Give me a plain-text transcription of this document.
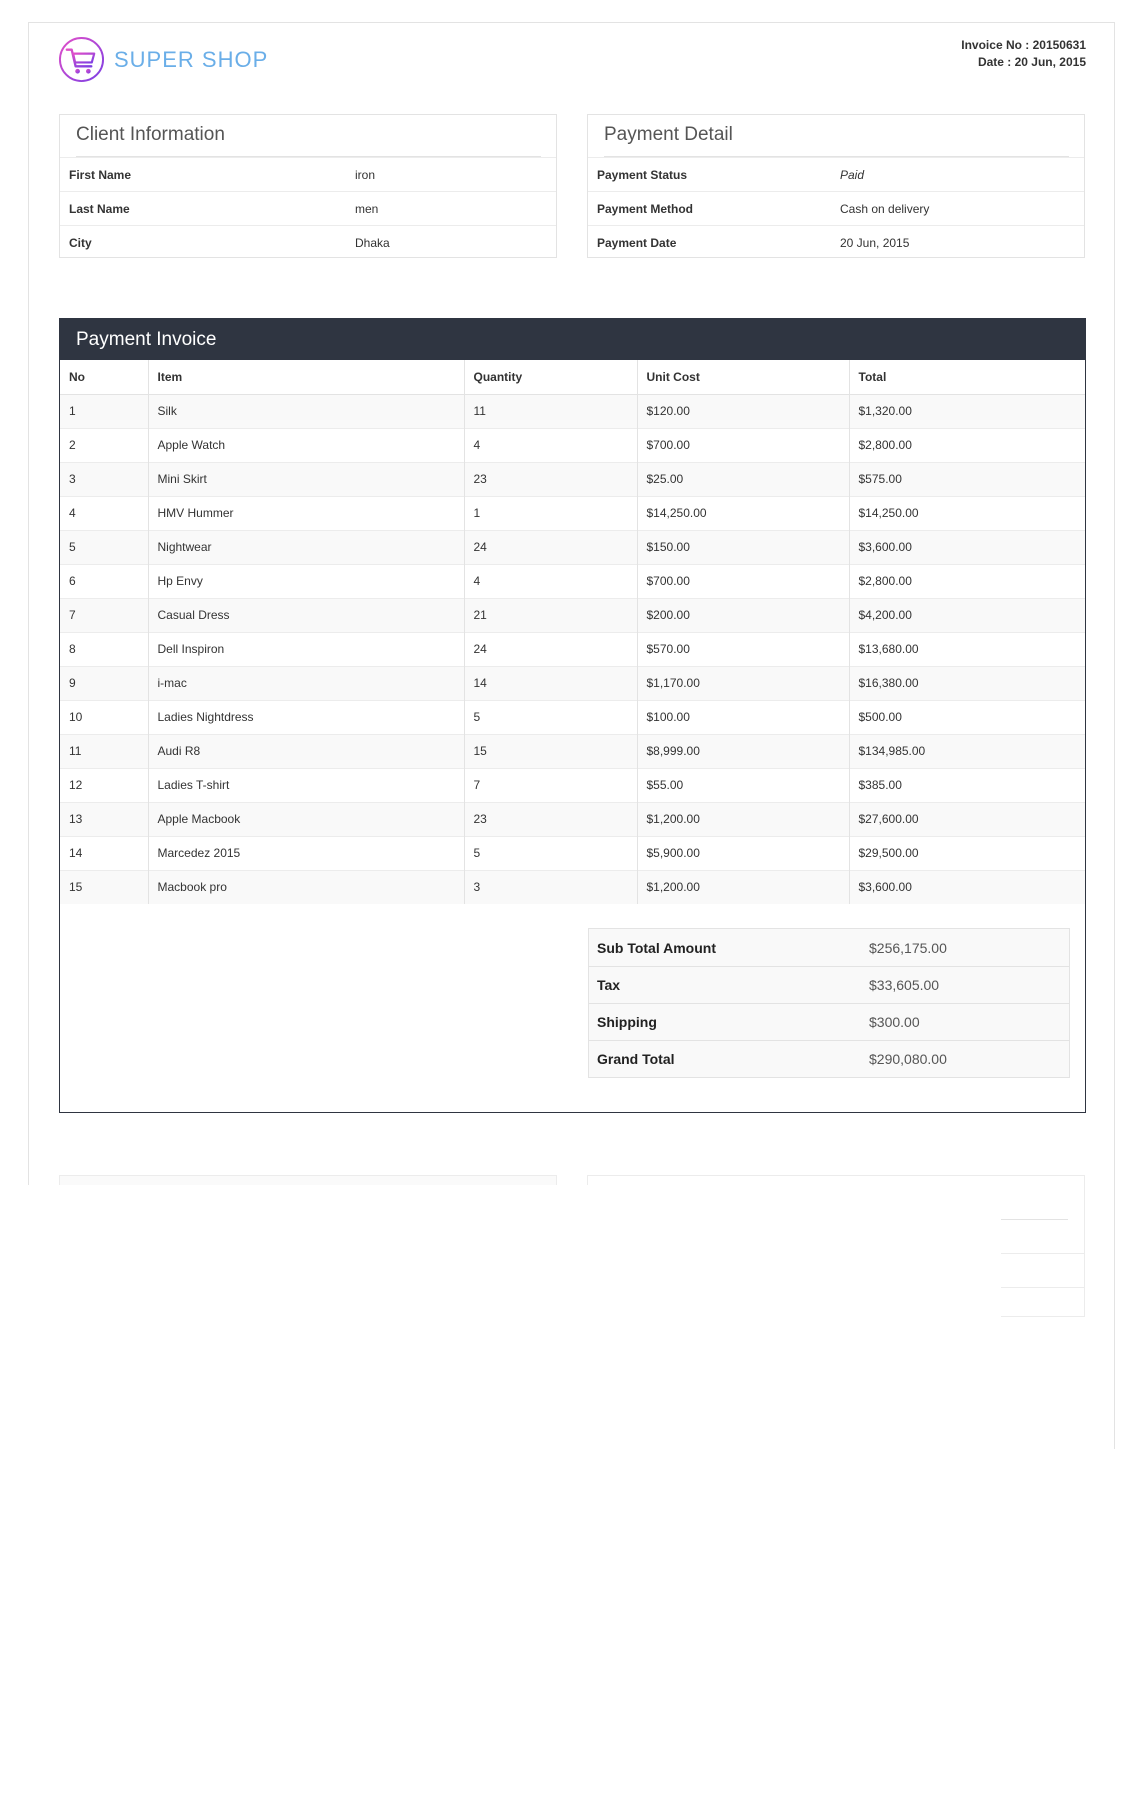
SUPER SHOP
Invoice No : 20150631
Date : 20 Jun, 2015
Client Information
First Name	iron
Last Name	men
City	Dhaka
Payment Detail
Payment Status	Paid
Payment Method	Cash on delivery
Payment Date	20 Jun, 2015
Payment Invoice
No	Item	Quantity	Unit Cost	Total
1	Silk	11	$120.00	$1,320.00
2	Apple Watch	4	$700.00	$2,800.00
3	Mini Skirt	23	$25.00	$575.00
4	HMV Hummer	1	$14,250.00	$14,250.00
5	Nightwear	24	$150.00	$3,600.00
6	Hp Envy	4	$700.00	$2,800.00
7	Casual Dress	21	$200.00	$4,200.00
8	Dell Inspiron	24	$570.00	$13,680.00
9	i-mac	14	$1,170.00	$16,380.00
10	Ladies Nightdress	5	$100.00	$500.00
11	Audi R8	15	$8,999.00	$134,985.00
12	Ladies T-shirt	7	$55.00	$385.00
13	Apple Macbook	23	$1,200.00	$27,600.00
14	Marcedez 2015	5	$5,900.00	$29,500.00
15	Macbook pro	3	$1,200.00	$3,600.00
Sub Total Amount	$256,175.00
Tax	$33,605.00
Shipping	$300.00
Grand Total	$290,080.00
